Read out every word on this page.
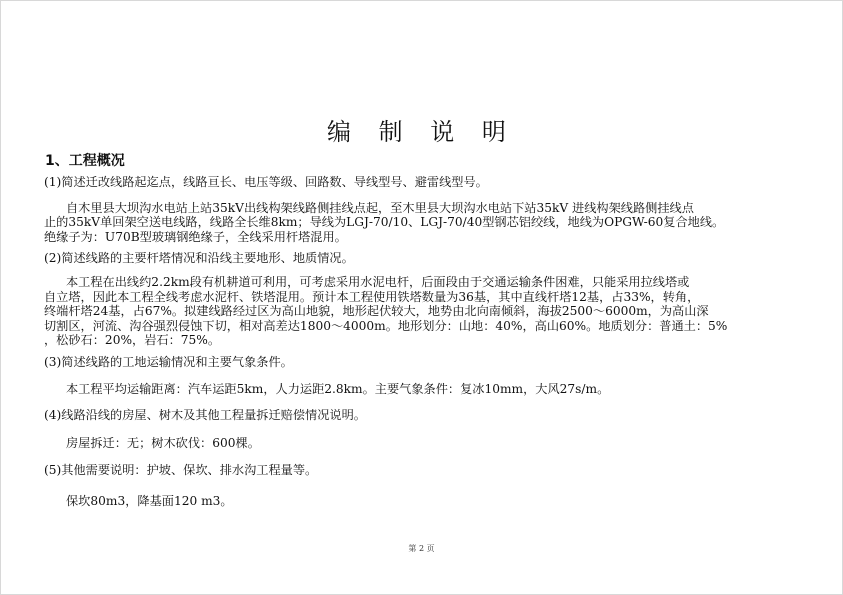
编 制 说 明
1、工程概况
(1)简述迁改线路起迄点，线路亘长、电压等级、回路数、导线型号、避雷线型号。
自木里县大坝沟水电站上站35kV出线构架线路侧挂线点起，至木里县大坝沟水电站下站35kV 进线构架线路侧挂线点
止的35kV单回架空送电线路，线路全长维8km；导线为LGJ-70/10、LGJ-70/40型钢芯铝绞线，地线为OPGW-60复合地线。
绝缘子为：U70B型玻璃钢绝缘子，全线采用杆塔混用。
(2)简述线路的主要杆塔情况和沿线主要地形、地质情况。
本工程在出线约2.2km段有机耕道可利用，可考虑采用水泥电杆，后面段由于交通运输条件困难，只能采用拉线塔或
自立塔，因此本工程全线考虑水泥杆、铁塔混用。预计本工程使用铁塔数量为36基，其中直线杆塔12基，占33%，转角，
终端杆塔24基，占67%。拟建线路经过区为高山地貌，地形起伏较大，地势由北向南倾斜，海拔2500～6000m，为高山深
切割区，河流、沟谷强烈侵蚀下切，相对高差达1800～4000m。地形划分：山地：40%，高山60%。地质划分：普通土：5%
，松砂石：20%，岩石：75%。
(3)简述线路的工地运输情况和主要气象条件。
本工程平均运输距离：汽车运距5km，人力运距2.8km。主要气象条件：复冰10mm，大风27s/m。
(4)线路沿线的房屋、树木及其他工程量拆迁赔偿情况说明。
房屋拆迁：无；树木砍伐：600棵。
(5)其他需要说明：护坡、保坎、排水沟工程量等。
保坎80m3，降基面120 m3。
第 2 页
